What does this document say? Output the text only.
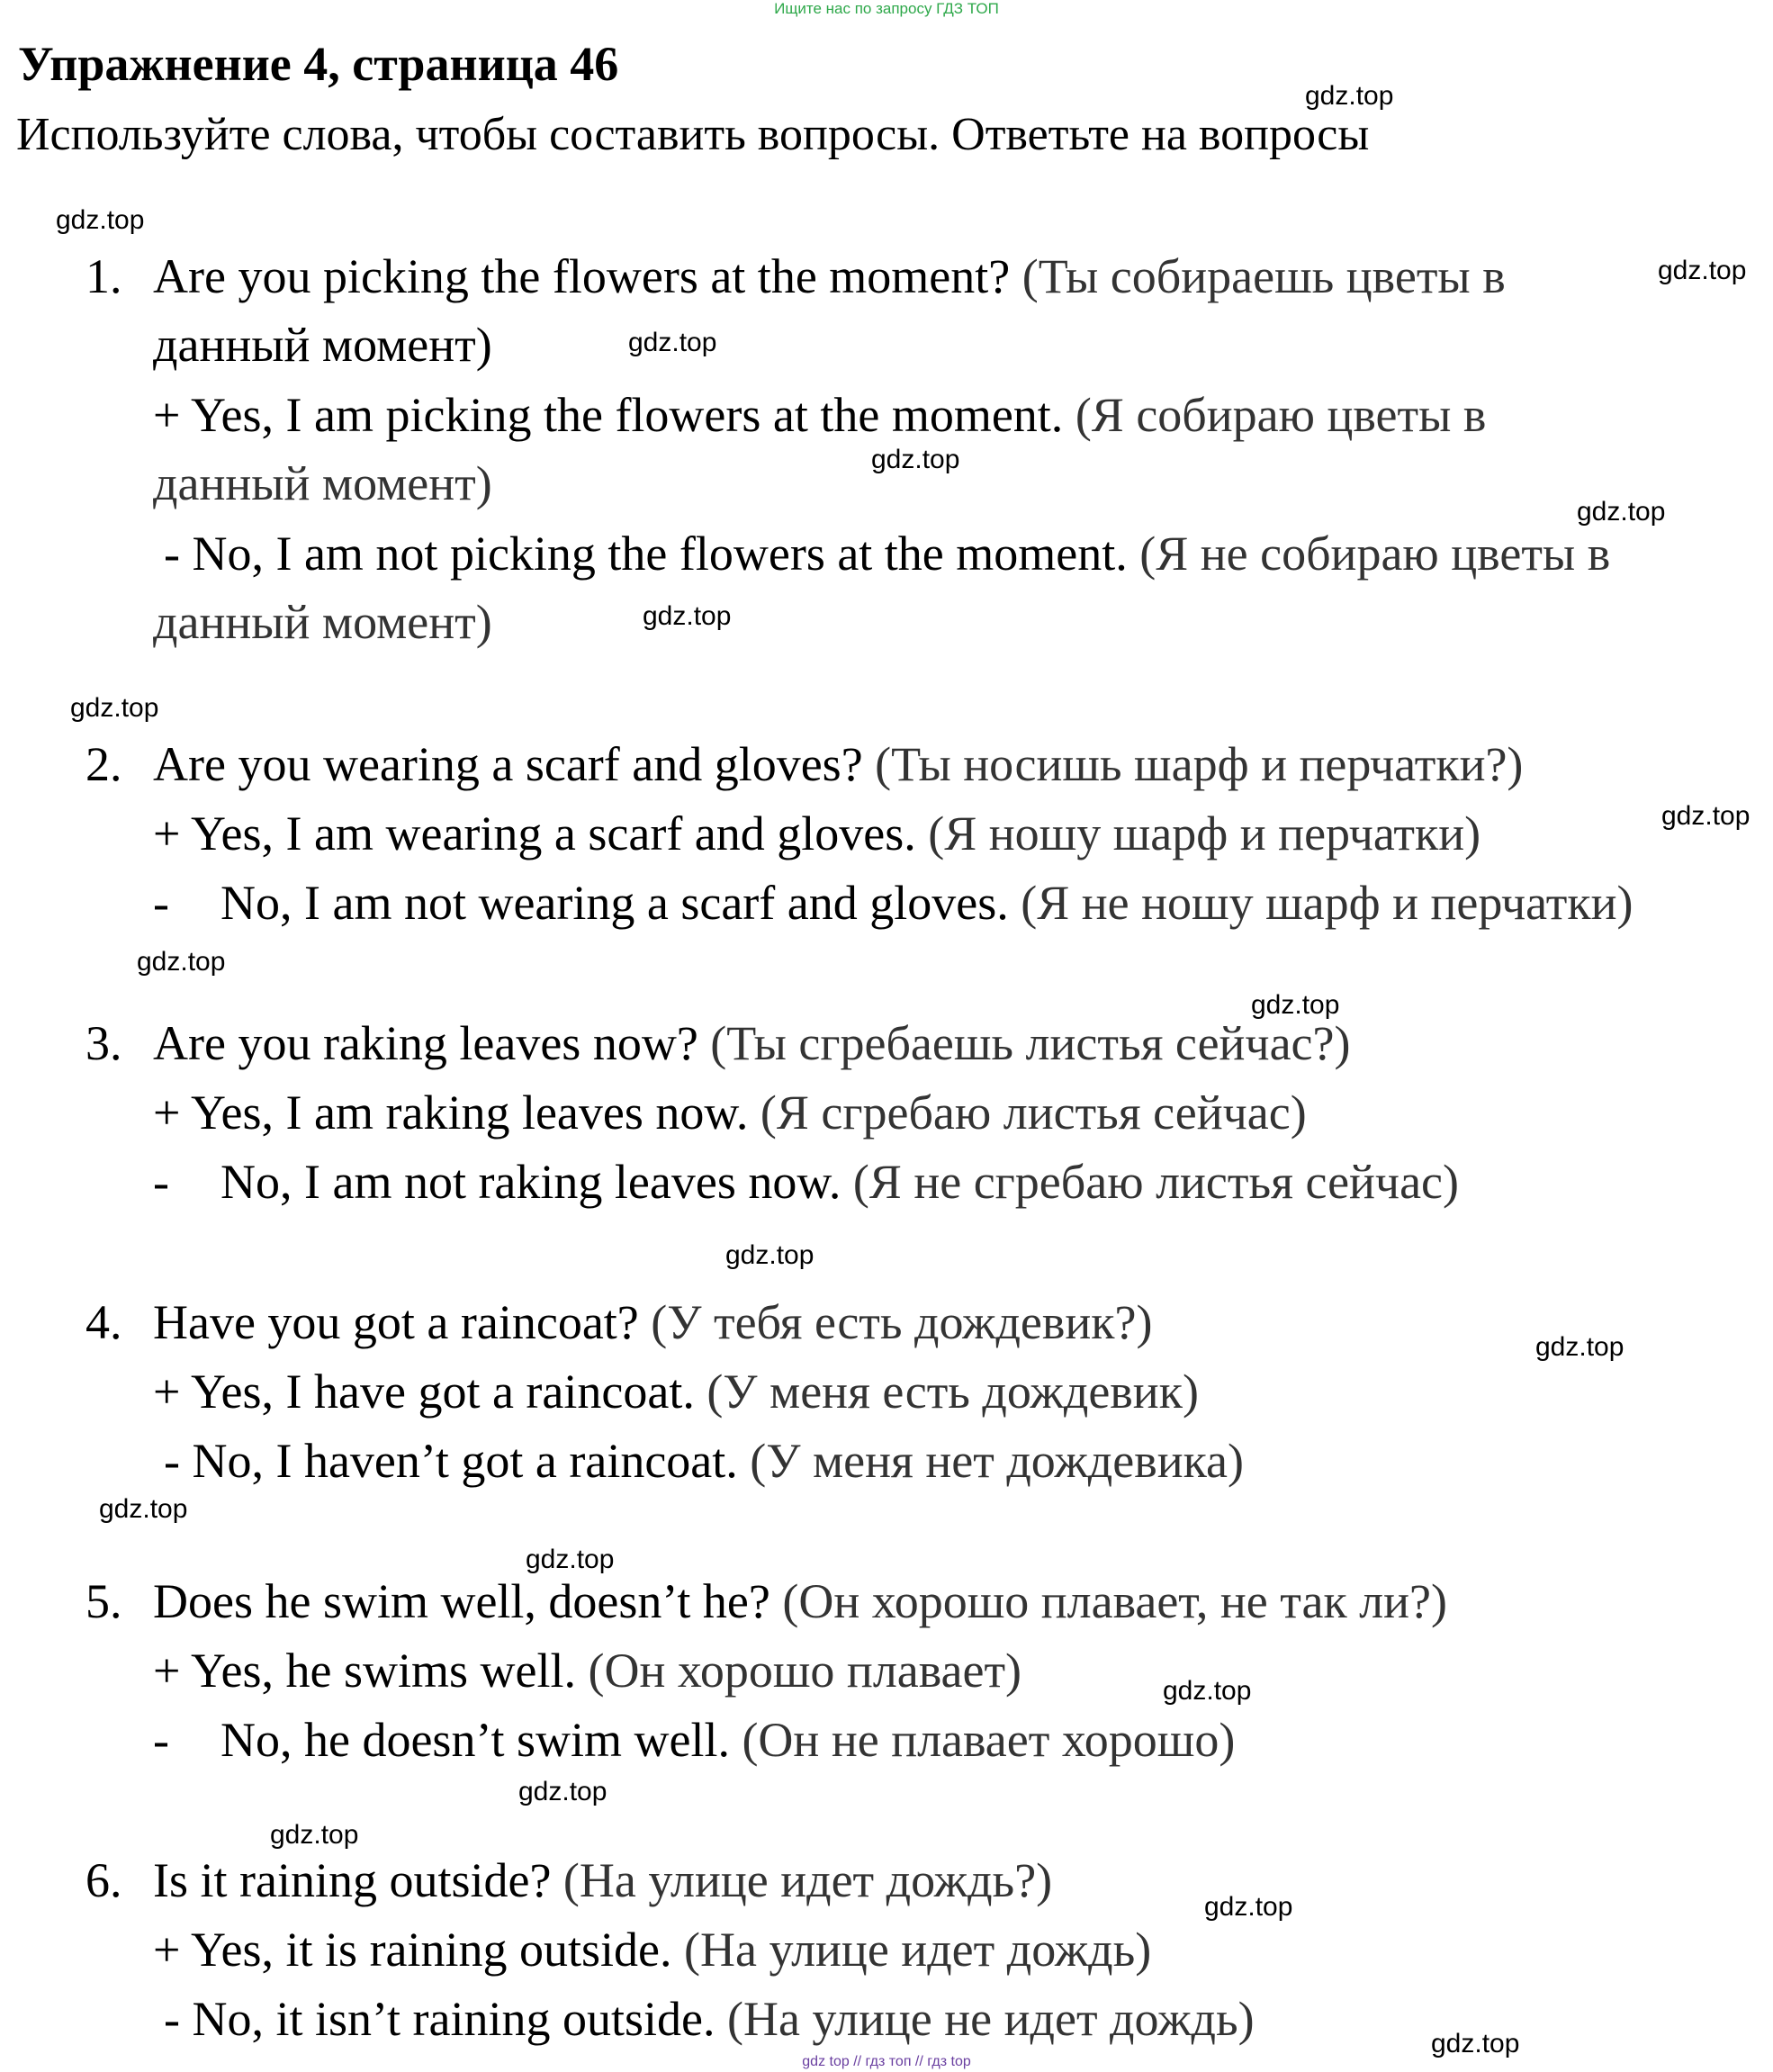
Ищите нас по запросу ГДЗ ТОП
Упражнение 4, страница 46
Используйте слова, чтобы составить вопросы. Ответьте на вопросы
1. Are you picking the flowers at the moment? (Ты собираешь цветы в
данный момент)
+ Yes, I am picking the flowers at the moment. (Я собираю цветы в
данный момент)
- No, I am not picking the flowers at the moment. (Я не собираю цветы в
данный момент)
2. Are you wearing a scarf and gloves? (Ты носишь шарф и перчатки?)
+ Yes, I am wearing a scarf and gloves. (Я ношу шарф и перчатки)
- No, I am not wearing a scarf and gloves. (Я не ношу шарф и перчатки)
3. Are you raking leaves now? (Ты сгребаешь листья сейчас?)
+ Yes, I am raking leaves now. (Я сгребаю листья сейчас)
- No, I am not raking leaves now. (Я не сгребаю листья сейчас)
4. Have you got a raincoat? (У тебя есть дождевик?)
+ Yes, I have got a raincoat. (У меня есть дождевик)
- No, I haven’t got a raincoat. (У меня нет дождевика)
5. Does he swim well, doesn’t he? (Он хорошо плавает, не так ли?)
+ Yes, he swims well. (Он хорошо плавает)
- No, he doesn’t swim well. (Он не плавает хорошо)
6. Is it raining outside? (На улице идет дождь?)
+ Yes, it is raining outside. (На улице идет дождь)
- No, it isn’t raining outside. (На улице не идет дождь)
gdz.top
gdz.top
gdz.top
gdz.top
gdz.top
gdz.top
gdz.top
gdz.top
gdz.top
gdz.top
gdz.top
gdz.top
gdz.top
gdz.top
gdz.top
gdz.top
gdz.top
gdz.top
gdz.top
gdz.top
gdz top // гдз топ // гдз top
